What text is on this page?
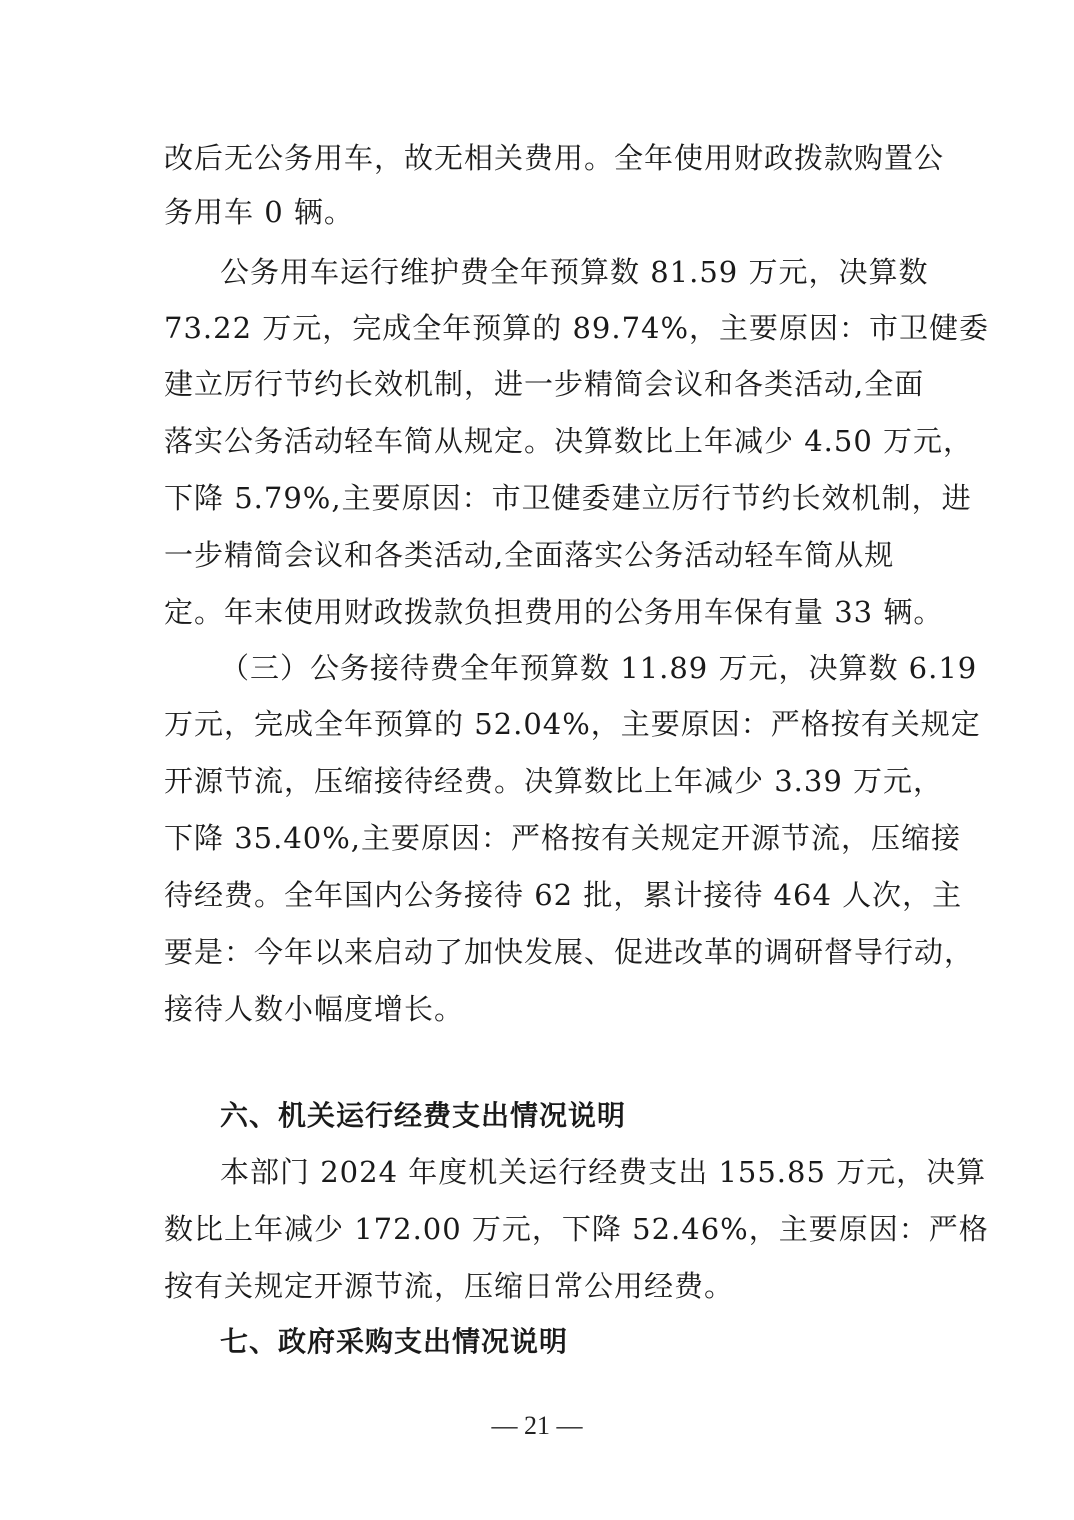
改后无公务用车，故无相关费用。全年使用财政拨款购置公
务用车 0 辆。
公务用车运行维护费全年预算数 81.59 万元，决算数
73.22 万元，完成全年预算的 89.74%，主要原因：市卫健委
建立厉行节约长效机制，进一步精简会议和各类活动,全面
落实公务活动轻车简从规定。决算数比上年减少 4.50 万元，
下降 5.79%,主要原因：市卫健委建立厉行节约长效机制，进
一步精简会议和各类活动,全面落实公务活动轻车简从规
定。年末使用财政拨款负担费用的公务用车保有量 33 辆。
（三）公务接待费全年预算数 11.89 万元，决算数 6.19
万元，完成全年预算的 52.04%，主要原因：严格按有关规定
开源节流，压缩接待经费。决算数比上年减少 3.39 万元，
下降 35.40%,主要原因：严格按有关规定开源节流，压缩接
待经费。全年国内公务接待 62 批，累计接待 464 人次，主
要是：今年以来启动了加快发展、促进改革的调研督导行动，
接待人数小幅度增长。
六、机关运行经费支出情况说明
本部门 2024 年度机关运行经费支出 155.85 万元，决算
数比上年减少 172.00 万元，下降 52.46%，主要原因：严格
按有关规定开源节流，压缩日常公用经费。
七、政府采购支出情况说明
— 21 —
